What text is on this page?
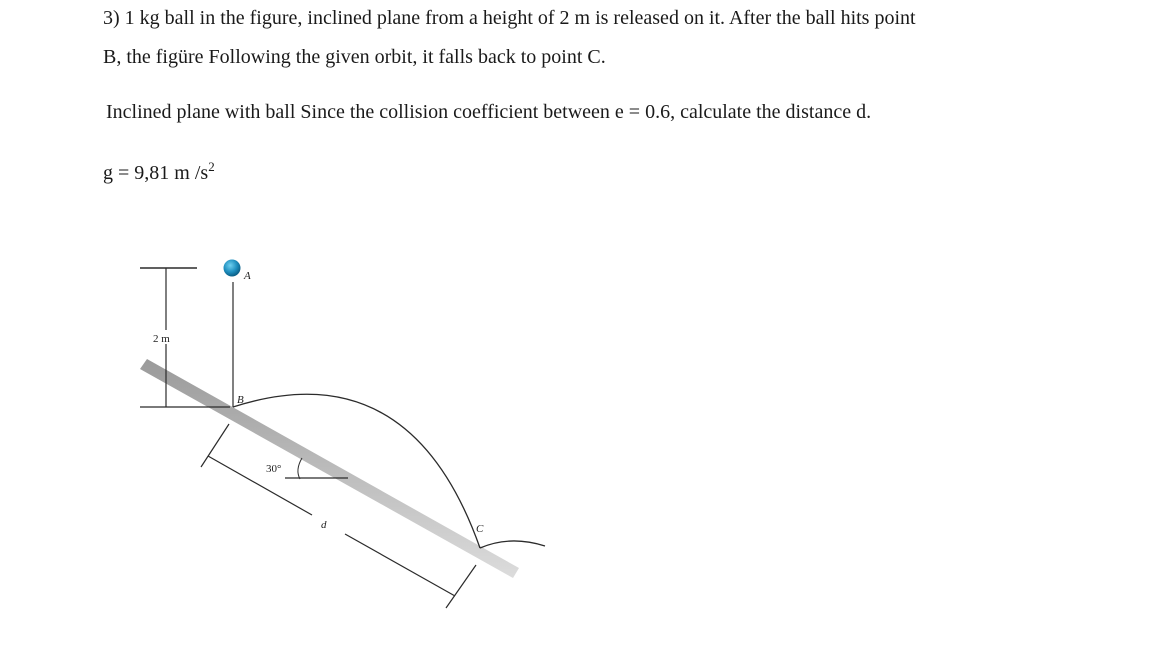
3) 1 kg ball in the figure, inclined plane from a height of 2 m is released on it. After the ball hits point
B, the figüre Following the given orbit, it falls back to point C.
Inclined plane with ball Since the collision coefficient between e = 0.6, calculate the distance d.
g = 9,81 m $/s^2$
2 m
A
B
C
30°
d
